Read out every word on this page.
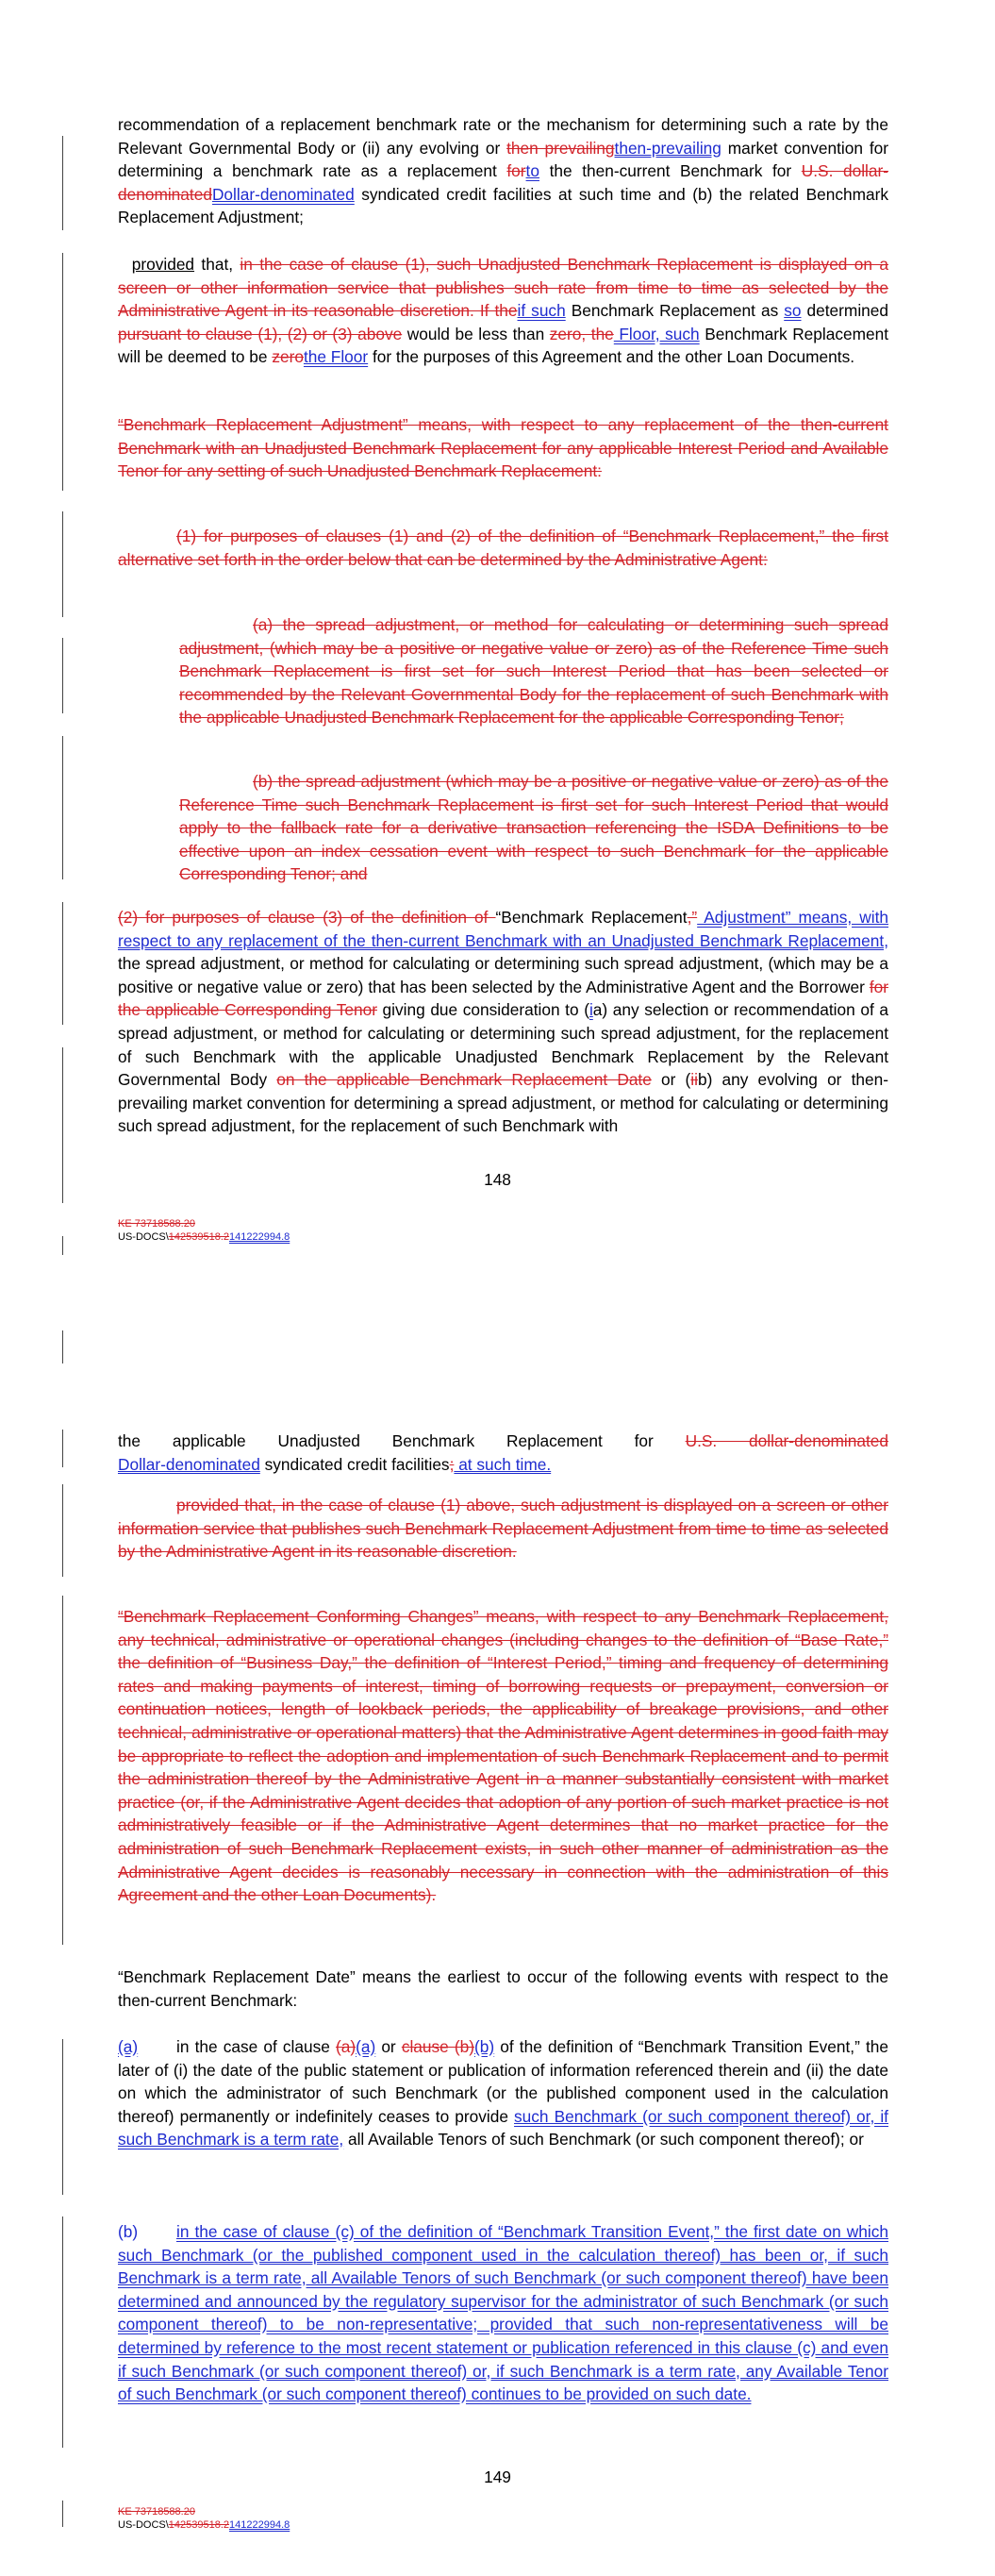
recommendation of a replacement benchmark rate or the mechanism for determining such a rate by the Relevant Governmental Body or (ii) any evolving or then prevailingthen-prevailing market convention for determining a benchmark rate as a replacement forto the then-current Benchmark for U.S. dollar-denominatedDollar-denominated syndicated credit facilities at such time and (b) the related Benchmark Replacement Adjustment;

provided that, in the case of clause (1), such Unadjusted Benchmark Replacement is displayed on a screen or other information service that publishes such rate from time to time as selected by the Administrative Agent in its reasonable discretion. If theif such Benchmark Replacement as so determined pursuant to clause (1), (2) or (3) above would be less than zero, the Floor, such Benchmark Replacement will be deemed to be zerothe Floor for the purposes of this Agreement and the other Loan Documents.

“Benchmark Replacement Adjustment” means, with respect to any replacement of the then-current Benchmark with an Unadjusted Benchmark Replacement for any applicable Interest Period and Available Tenor for any setting of such Unadjusted Benchmark Replacement:

(1) for purposes of clauses (1) and (2) of the definition of “Benchmark Replacement,” the first alternative set forth in the order below that can be determined by the Administrative Agent:

(a) the spread adjustment, or method for calculating or determining such spread adjustment, (which may be a positive or negative value or zero) as of the Reference Time such Benchmark Replacement is first set for such Interest Period that has been selected or recommended by the Relevant Governmental Body for the replacement of such Benchmark with the applicable Unadjusted Benchmark Replacement for the applicable Corresponding Tenor;

(b) the spread adjustment (which may be a positive or negative value or zero) as of the Reference Time such Benchmark Replacement is first set for such Interest Period that would apply to the fallback rate for a derivative transaction referencing the ISDA Definitions to be effective upon an index cessation event with respect to such Benchmark for the applicable Corresponding Tenor; and

(2) for purposes of clause (3) of the definition of “Benchmark Replacement,” Adjustment” means, with respect to any replacement of the then-current Benchmark with an Unadjusted Benchmark Replacement, the spread adjustment, or method for calculating or determining such spread adjustment, (which may be a positive or negative value or zero) that has been selected by the Administrative Agent and the Borrower for the applicable Corresponding Tenor giving due consideration to (ia) any selection or recommendation of a spread adjustment, or method for calculating or determining such spread adjustment, for the replacement of such Benchmark with the applicable Unadjusted Benchmark Replacement by the Relevant Governmental Body on the applicable Benchmark Replacement Date or (iib) any evolving or then-prevailing market convention for determining a spread adjustment, or method for calculating or determining such spread adjustment, for the replacement of such Benchmark with

148
KE 73718588.20
US-DOCS\142539518.2141222994.8

the applicable Unadjusted Benchmark Replacement for U.S. dollar-denominated

Dollar-denominated syndicated credit facilities; at such time.

provided that, in the case of clause (1) above, such adjustment is displayed on a screen or other information service that publishes such Benchmark Replacement Adjustment from time to time as selected by the Administrative Agent in its reasonable discretion.

“Benchmark Replacement Conforming Changes” means, with respect to any Benchmark Replacement, any technical, administrative or operational changes (including changes to the definition of “Base Rate,” the definition of “Business Day,” the definition of “Interest Period,” timing and frequency of determining rates and making payments of interest, timing of borrowing requests or prepayment, conversion or continuation notices, length of lookback periods, the applicability of breakage provisions, and other technical, administrative or operational matters) that the Administrative Agent determines in good faith may be appropriate to reflect the adoption and implementation of such Benchmark Replacement and to permit the administration thereof by the Administrative Agent in a manner substantially consistent with market practice (or, if the Administrative Agent decides that adoption of any portion of such market practice is not administratively feasible or if the Administrative Agent determines that no market practice for the administration of such Benchmark Replacement exists, in such other manner of administration as the Administrative Agent decides is reasonably necessary in connection with the administration of this Agreement and the other Loan Documents).

“Benchmark Replacement Date” means the earliest to occur of the following events with respect to the then-current Benchmark:

(a) in the case of clause (a)(a) or clause (b)(b) of the definition of “Benchmark Transition Event,” the later of (i) the date of the public statement or publication of information referenced therein and (ii) the date on which the administrator of such Benchmark (or the published component used in the calculation thereof) permanently or indefinitely ceases to provide such Benchmark (or such component thereof) or, if such Benchmark is a term rate, all Available Tenors of such Benchmark (or such component thereof); or

(b) in the case of clause (c) of the definition of “Benchmark Transition Event,” the first date on which such Benchmark (or the published component used in the calculation thereof) has been or, if such Benchmark is a term rate, all Available Tenors of such Benchmark (or such component thereof) have been determined and announced by the regulatory supervisor for the administrator of such Benchmark (or such component thereof) to be non-representative; provided that such non-representativeness will be determined by reference to the most recent statement or publication referenced in this clause (c) and even if such Benchmark (or such component thereof) or, if such Benchmark is a term rate, any Available Tenor of such Benchmark (or such component thereof) continues to be provided on such date.

149
KE 73718588.20
US-DOCS\142539518.2141222994.8
